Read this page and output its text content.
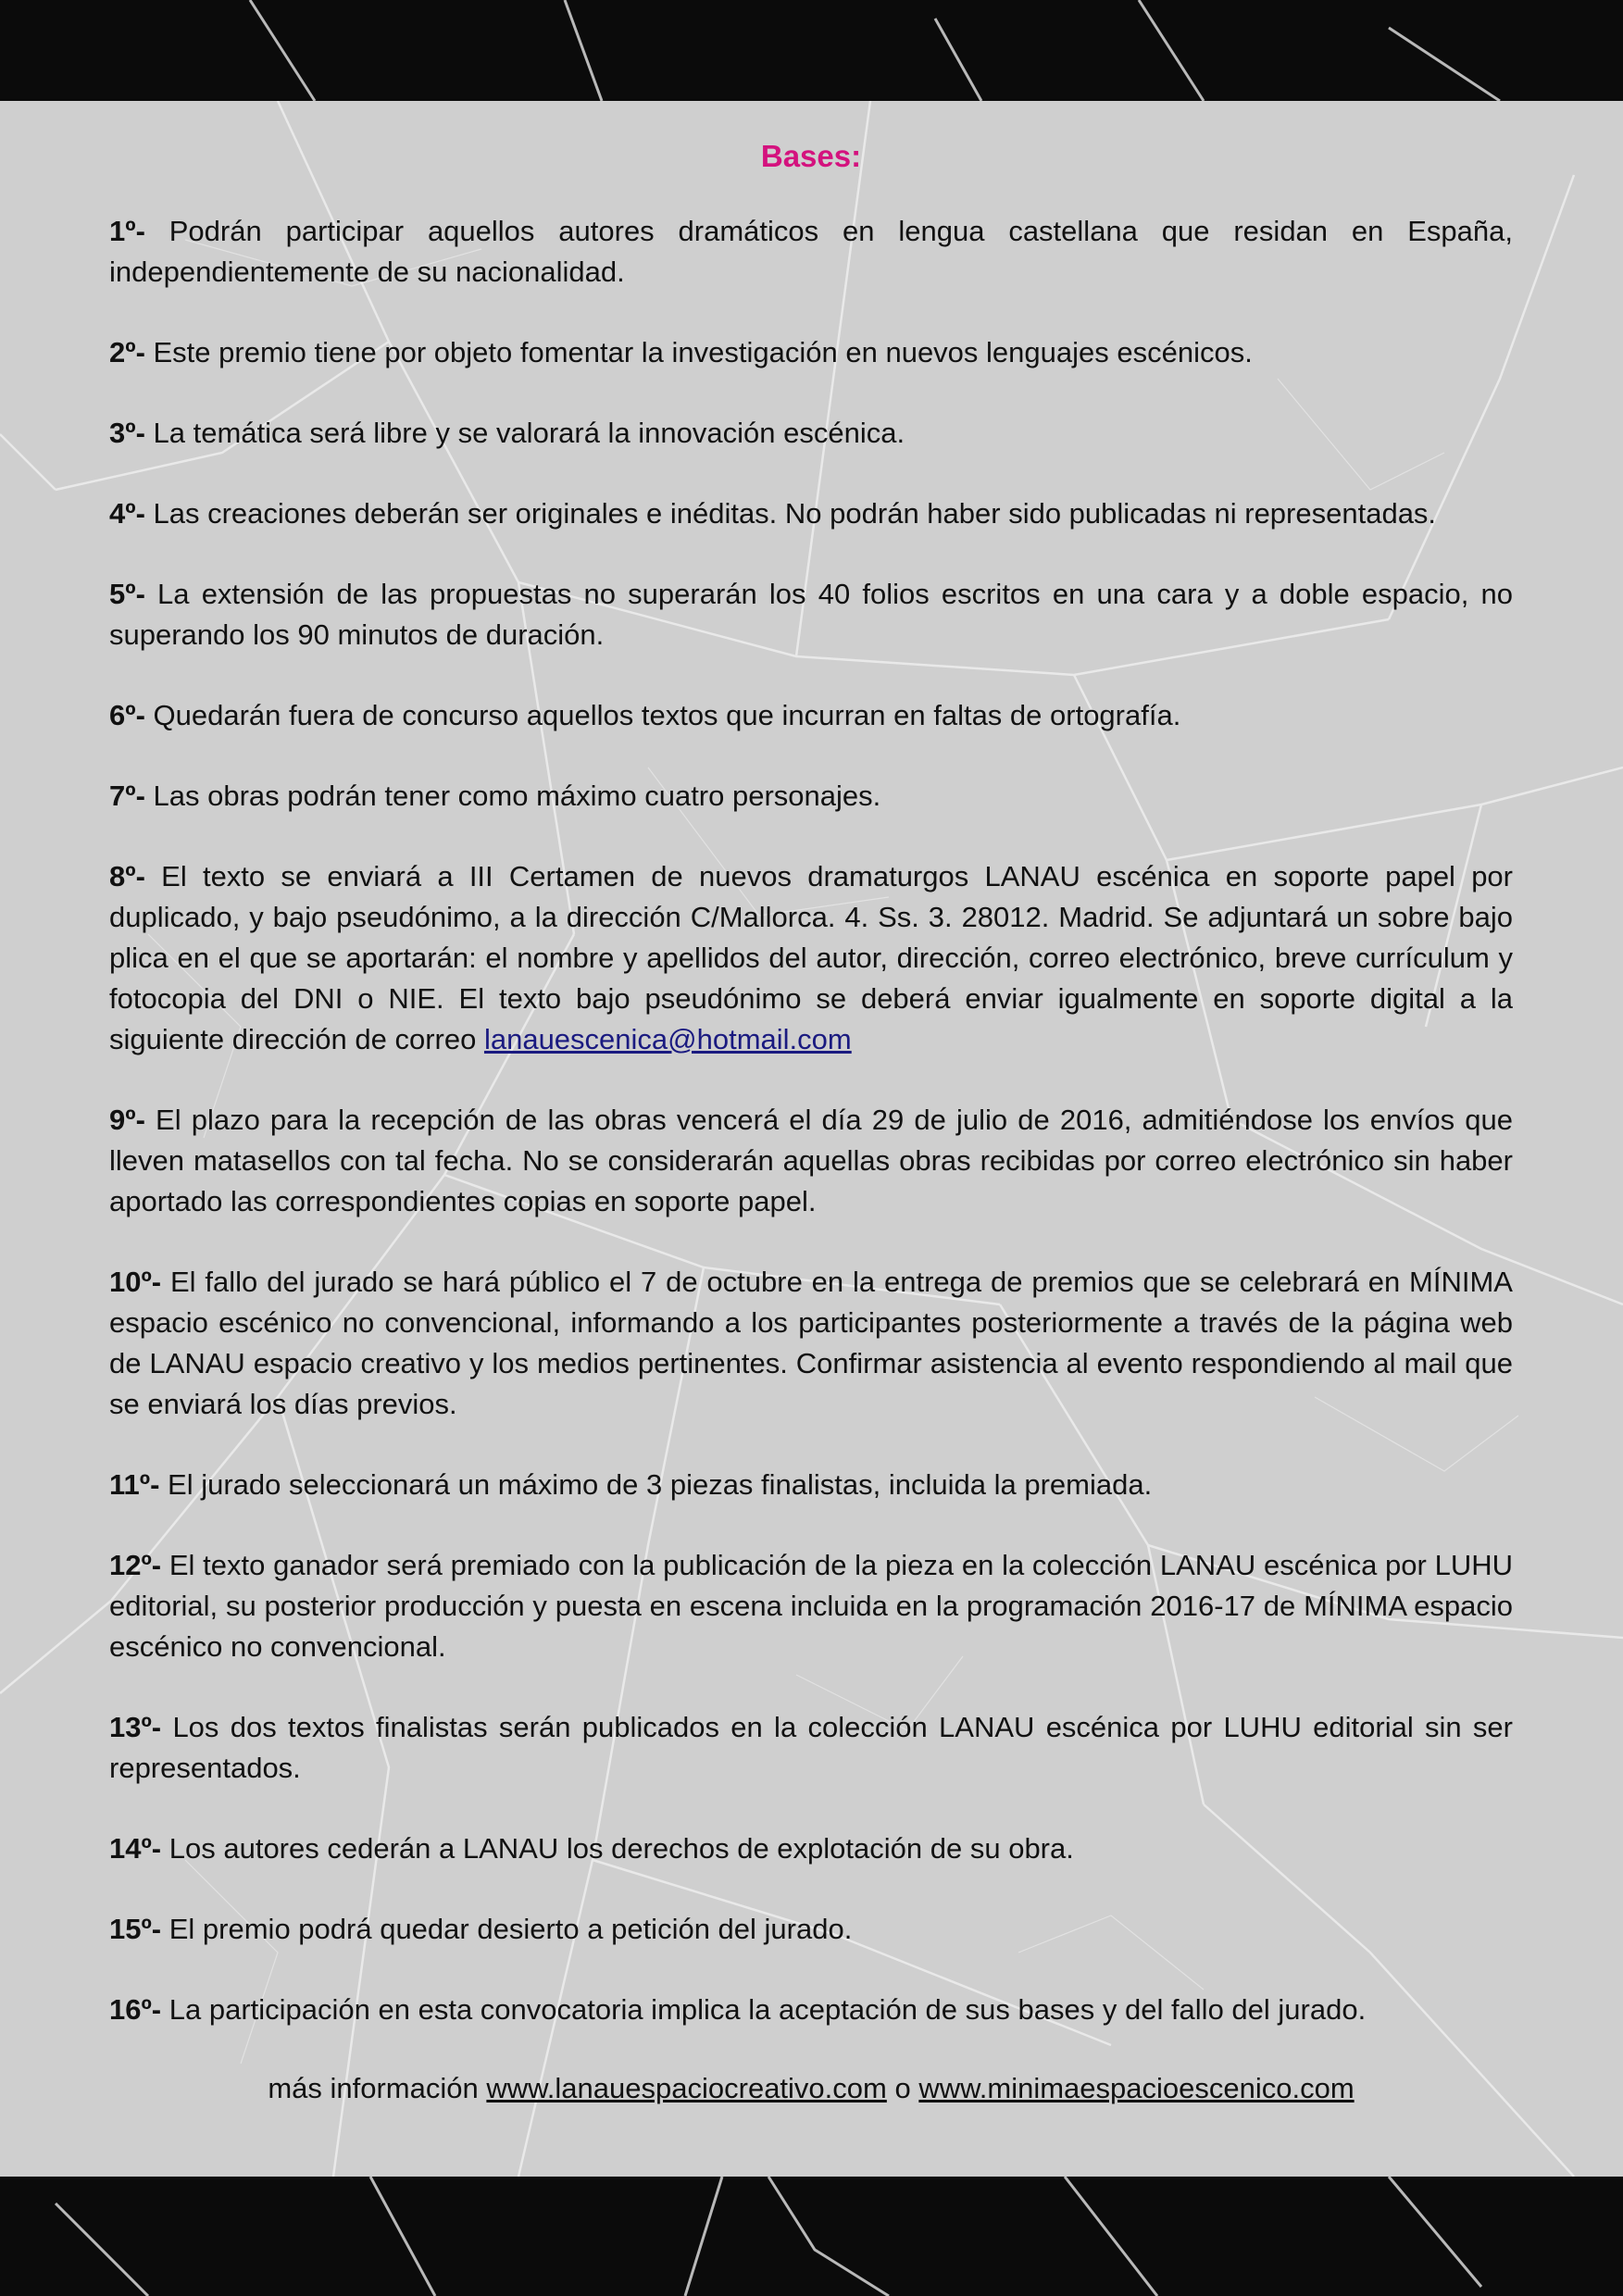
Bases:

1º- Podrán participar aquellos autores dramáticos en lengua castellana que residan en España, independientemente de su nacionalidad.

2º- Este premio tiene por objeto fomentar la investigación en nuevos lenguajes escénicos.

3º- La temática será libre y se valorará la innovación escénica.

4º- Las creaciones deberán ser originales e inéditas. No podrán haber sido publicadas ni representadas.

5º- La extensión de las propuestas no superarán los 40 folios escritos en una cara y a doble espacio, no superando los 90 minutos de duración.

6º- Quedarán fuera de concurso aquellos textos que incurran en faltas de ortografía.

7º- Las obras podrán tener como máximo cuatro personajes.

8º- El texto se enviará a III Certamen de nuevos dramaturgos LANAU escénica en soporte papel por duplicado, y bajo pseudónimo, a la dirección C/Mallorca. 4. Ss. 3. 28012. Madrid. Se adjuntará un sobre bajo plica en el que se aportarán: el nombre y apellidos del autor, dirección, correo electrónico, breve currículum y fotocopia del DNI o NIE. El texto bajo pseudónimo se deberá enviar igualmente en soporte digital a la siguiente dirección de correo lanauescenica@hotmail.com

9º- El plazo para la recepción de las obras vencerá el día 29 de julio de 2016, admitiéndose los envíos que lleven matasellos con tal fecha. No se considerarán aquellas obras recibidas por correo electrónico sin haber aportado las correspondientes copias en soporte papel.

10º- El fallo del jurado se hará público el 7 de octubre en la entrega de premios que se celebrará en MÍNIMA espacio escénico no convencional, informando a los participantes posteriormente a través de la página web de LANAU espacio creativo y los medios pertinentes. Confirmar asistencia al evento respondiendo al mail que se enviará los días previos.

11º- El jurado seleccionará un máximo de 3 piezas finalistas, incluida la premiada.

12º- El texto ganador será premiado con la publicación de la pieza en la colección LANAU escénica por LUHU editorial, su posterior producción y puesta en escena incluida en la programación 2016-17 de MÍNIMA espacio escénico no convencional.

13º- Los dos textos finalistas serán publicados en la colección LANAU escénica por LUHU editorial sin ser representados.

14º- Los autores cederán a LANAU los derechos de explotación de su obra.

15º- El premio podrá quedar desierto a petición del jurado.

16º- La participación en esta convocatoria implica la aceptación de sus bases y del fallo del jurado.

más información www.lanauespaciocreativo.com o www.minimaespacioescenico.com
